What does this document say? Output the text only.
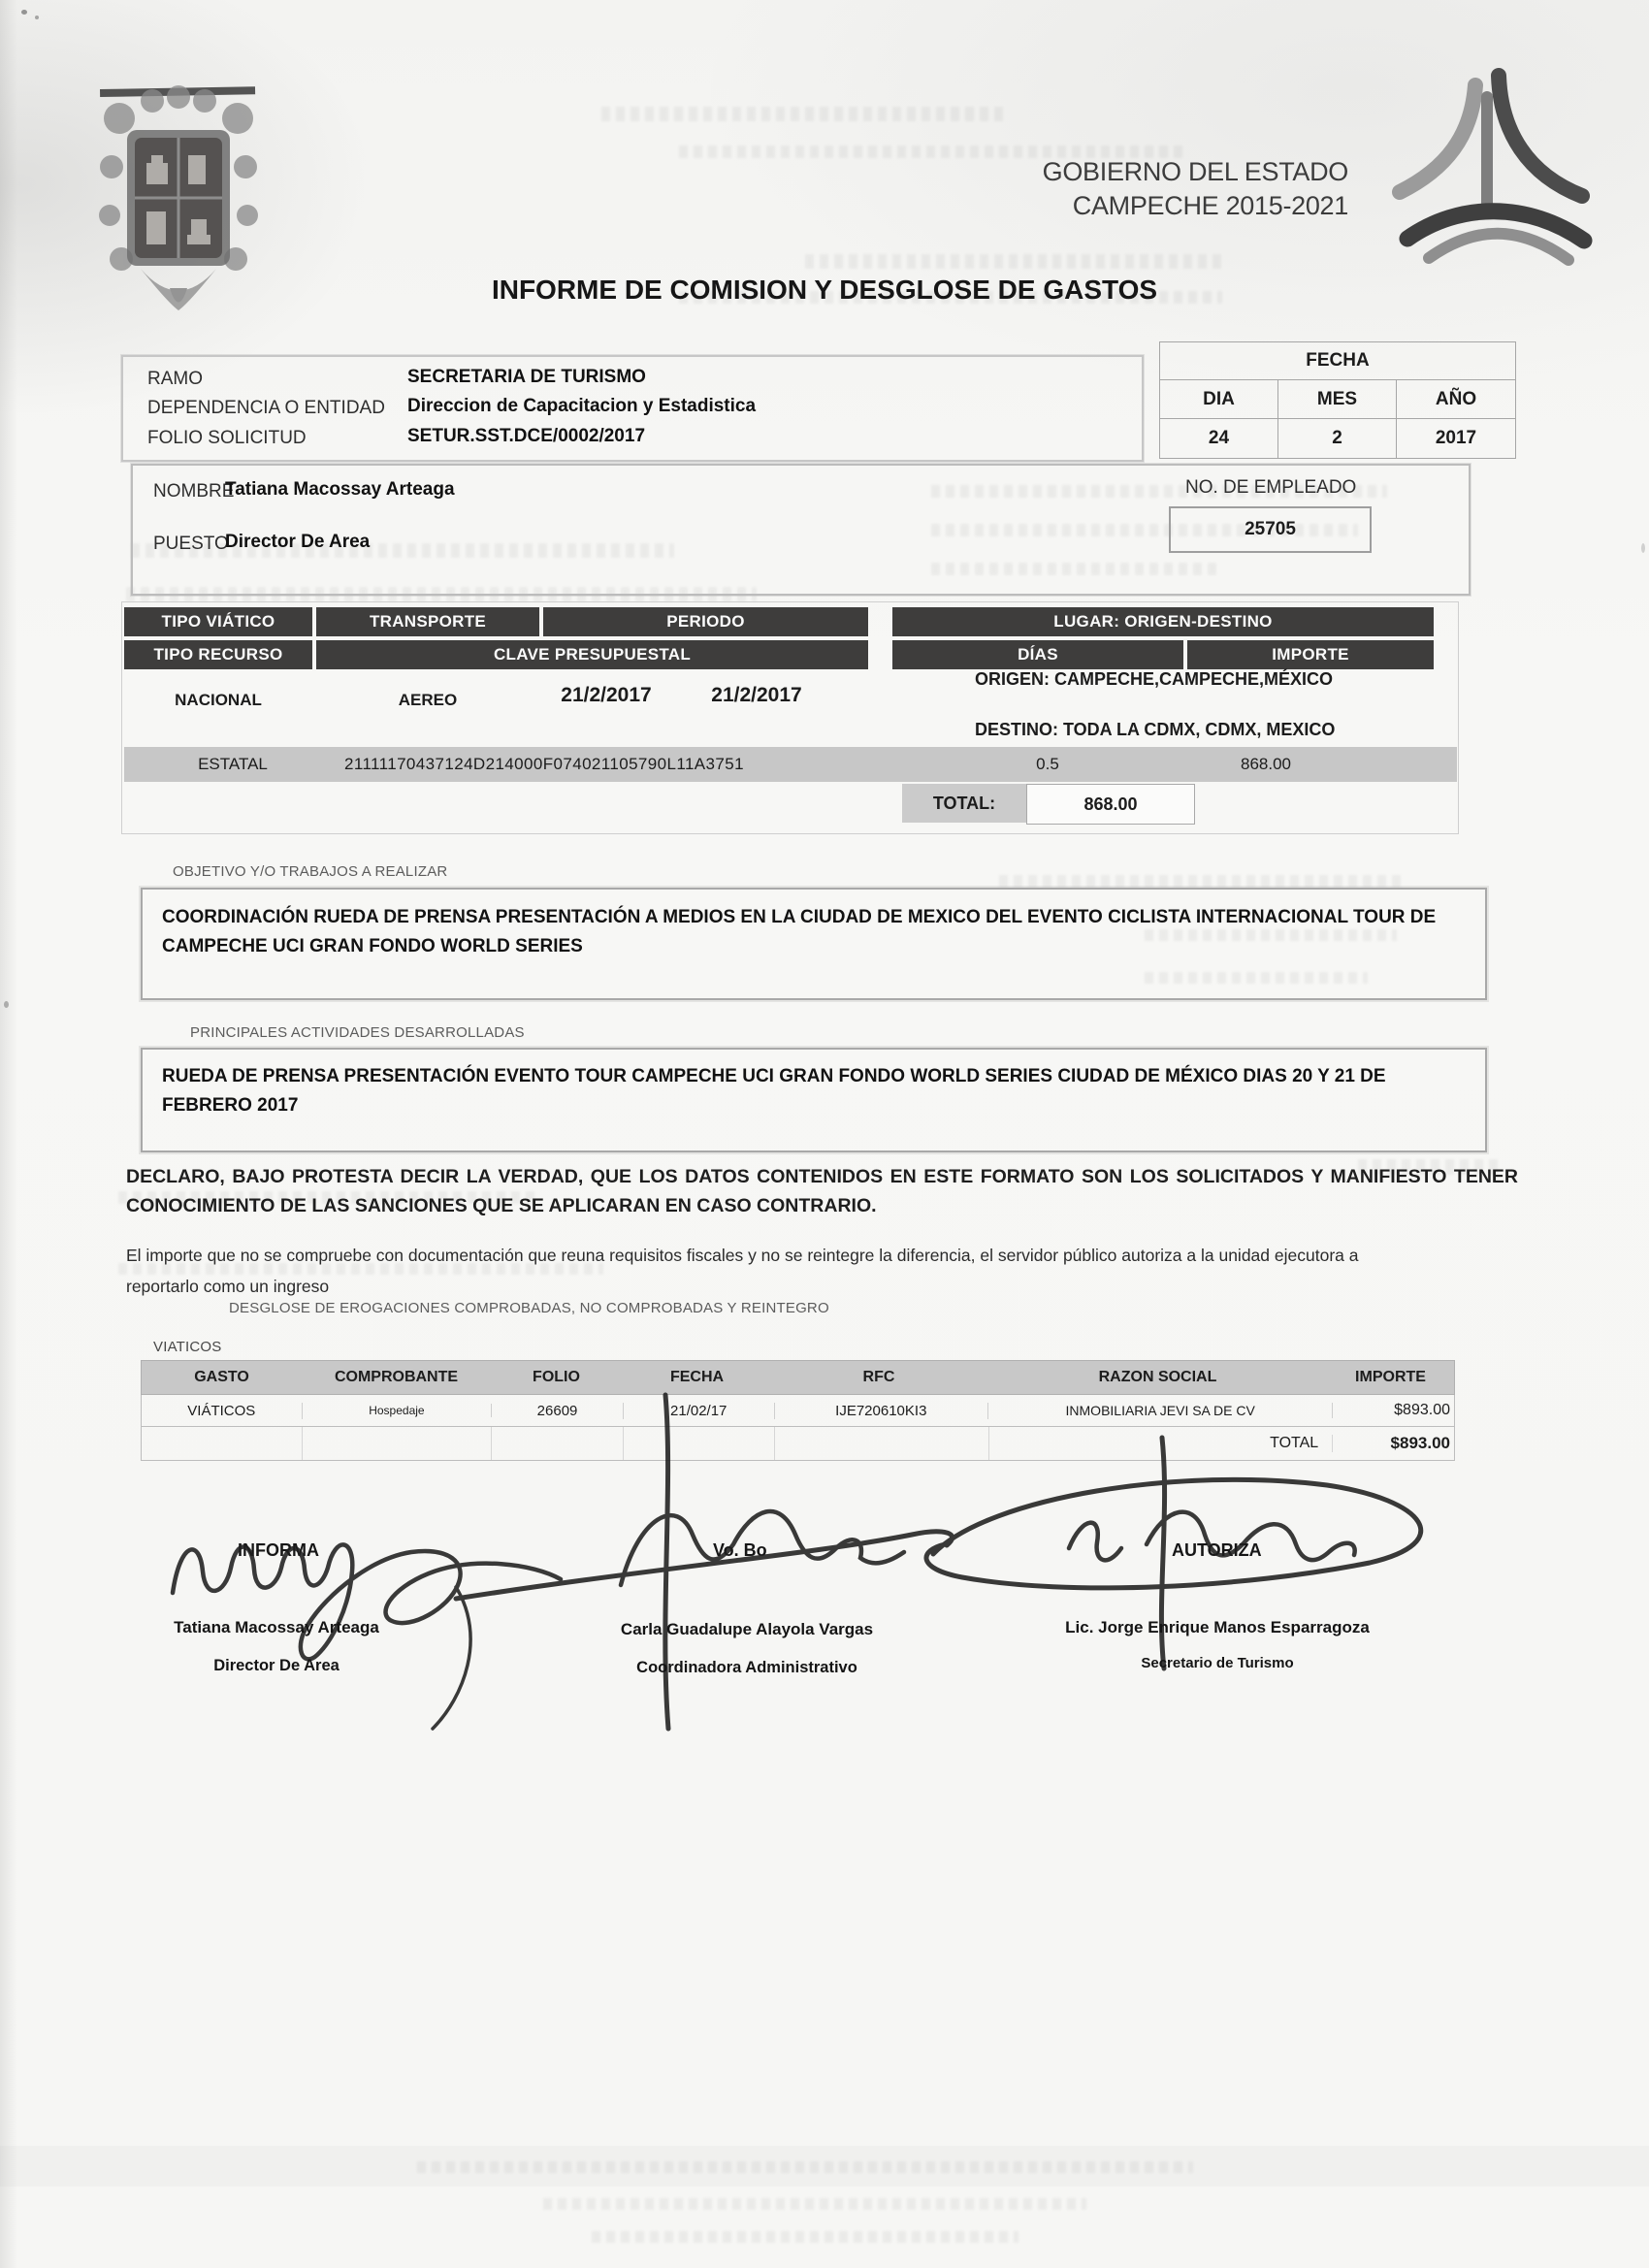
GOBIERNO DEL ESTADO
CAMPECHE 2015-2021
INFORME DE COMISION Y DESGLOSE DE GASTOS
RAMO	SECRETARIA DE TURISMO
DEPENDENCIA O ENTIDAD Direccion de Capacitacion y Estadistica
FOLIO SOLICITUD	SETUR.SST.DCE/0002/2017
FECHA
DIA	MES	AÑO
24	2	2017
NOMBRE
Tatiana Macossay Arteaga
PUESTO
Director De Area
NO. DE EMPLEADO
25705
TIPO VIÁTICO	TRANSPORTE	PERIODO	LUGAR: ORIGEN-DESTINO
TIPO RECURSO	CLAVE PRESUPUESTAL	DÍAS	IMPORTE
NACIONAL	AEREO	21/2/2017	21/2/2017
ORIGEN: CAMPECHE,CAMPECHE,MÉXICO
DESTINO: TODA LA CDMX, CDMX, MEXICO
ESTATAL	21111170437124D214000F074021105790L11A3751	0.5	868.00
TOTAL:	868.00
OBJETIVO Y/O TRABAJOS A REALIZAR
COORDINACIÓN RUEDA DE PRENSA PRESENTACIÓN A MEDIOS EN LA CIUDAD DE MEXICO DEL EVENTO CICLISTA INTERNACIONAL TOUR DE CAMPECHE UCI GRAN FONDO WORLD SERIES
PRINCIPALES ACTIVIDADES DESARROLLADAS
RUEDA DE PRENSA PRESENTACIÓN EVENTO TOUR CAMPECHE UCI GRAN FONDO WORLD SERIES CIUDAD DE MÉXICO DIAS 20 Y 21 DE FEBRERO 2017
DECLARO, BAJO PROTESTA DECIR LA VERDAD, QUE LOS DATOS CONTENIDOS EN ESTE FORMATO SON LOS SOLICITADOS Y MANIFIESTO TENER CONOCIMIENTO DE LAS SANCIONES QUE SE APLICARAN EN CASO CONTRARIO.
El importe que no se compruebe con documentación que reuna requisitos fiscales y no se reintegre la diferencia, el servidor público autoriza a la unidad ejecutora a reportarlo como un ingreso
DESGLOSE DE EROGACIONES COMPROBADAS, NO COMPROBADAS Y REINTEGRO
VIATICOS
GASTO	COMPROBANTE	FOLIO	FECHA	RFC	RAZON SOCIAL	IMPORTE
VIÁTICOS	Hospedaje	26609	21/02/17	IJE720610KI3	INMOBILIARIA JEVI SA DE CV	$893.00
TOTAL	$893.00
INFORMA	Vo. Bo	AUTORIZA
Tatiana Macossay Arteaga
Director De Area
Carla Guadalupe Alayola Vargas
Coordinadora Administrativo
Lic. Jorge Enrique Manos Esparragoza
Secretario de Turismo
